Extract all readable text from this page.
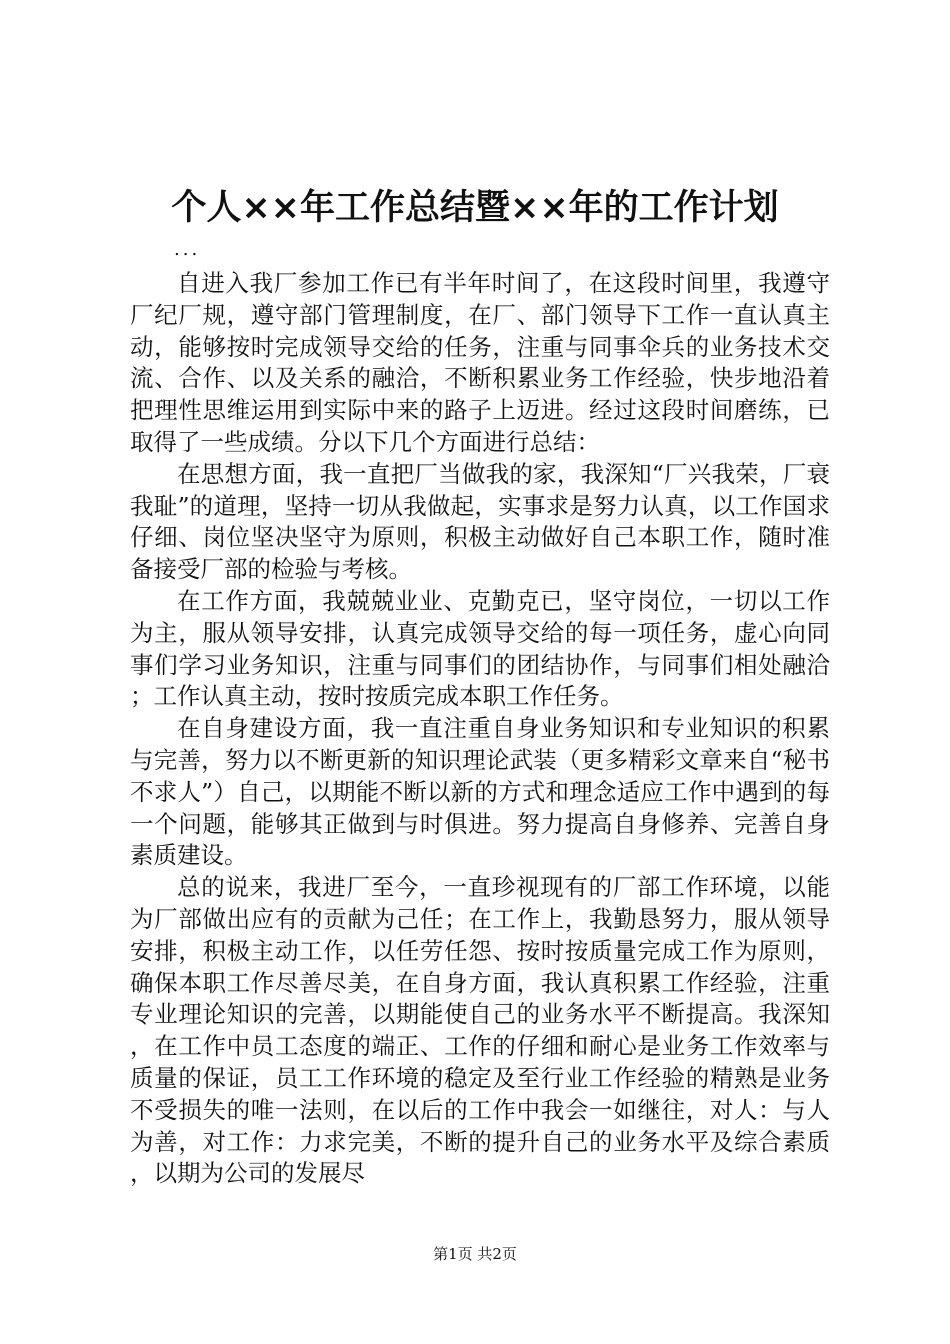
个人××年工作总结暨××年的工作计划
...

自进入我厂参加工作已有半年时间了，在这段时间里，我遵守厂纪厂规，遵守部门管理制度，在厂、部门领导下工作一直认真主动，能够按时完成领导交给的任务，注重与同事伞兵的业务技术交流、合作、以及关系的融洽，不断积累业务工作经验，快步地沿着把理性思维运用到实际中来的路子上迈进。经过这段时间磨练，已取得了一些成绩。分以下几个方面进行总结：

在思想方面，我一直把厂当做我的家，我深知“厂兴我荣，厂衰我耻”的道理，坚持一切从我做起，实事求是努力认真，以工作国求仔细、岗位坚决坚守为原则，积极主动做好自己本职工作，随时准备接受厂部的检验与考核。

在工作方面，我兢兢业业、克勤克已，坚守岗位，一切以工作为主，服从领导安排，认真完成领导交给的每一项任务，虚心向同事们学习业务知识，注重与同事们的团结协作，与同事们相处融洽；工作认真主动，按时按质完成本职工作任务。

在自身建设方面，我一直注重自身业务知识和专业知识的积累与完善，努力以不断更新的知识理论武装（更多精彩文章来自“秘书不求人”）自己，以期能不断以新的方式和理念适应工作中遇到的每一个问题，能够其正做到与时俱进。努力提高自身修养、完善自身素质建设。

总的说来，我进厂至今，一直珍视现有的厂部工作环境，以能为厂部做出应有的贡献为己任；在工作上，我勤恳努力，服从领导安排，积极主动工作，以任劳任怨、按时按质量完成工作为原则，确保本职工作尽善尽美，在自身方面，我认真积累工作经验，注重专业理论知识的完善，以期能使自己的业务水平不断提高。我深知，在工作中员工态度的端正、工作的仔细和耐心是业务工作效率与质量的保证，员工工作环境的稳定及至行业工作经验的精熟是业务不受损失的唯一法则，在以后的工作中我会一如继往，对人：与人为善，对工作：力求完美，不断的提升自己的业务水平及综合素质，以期为公司的发展尽

第1页 共2页
